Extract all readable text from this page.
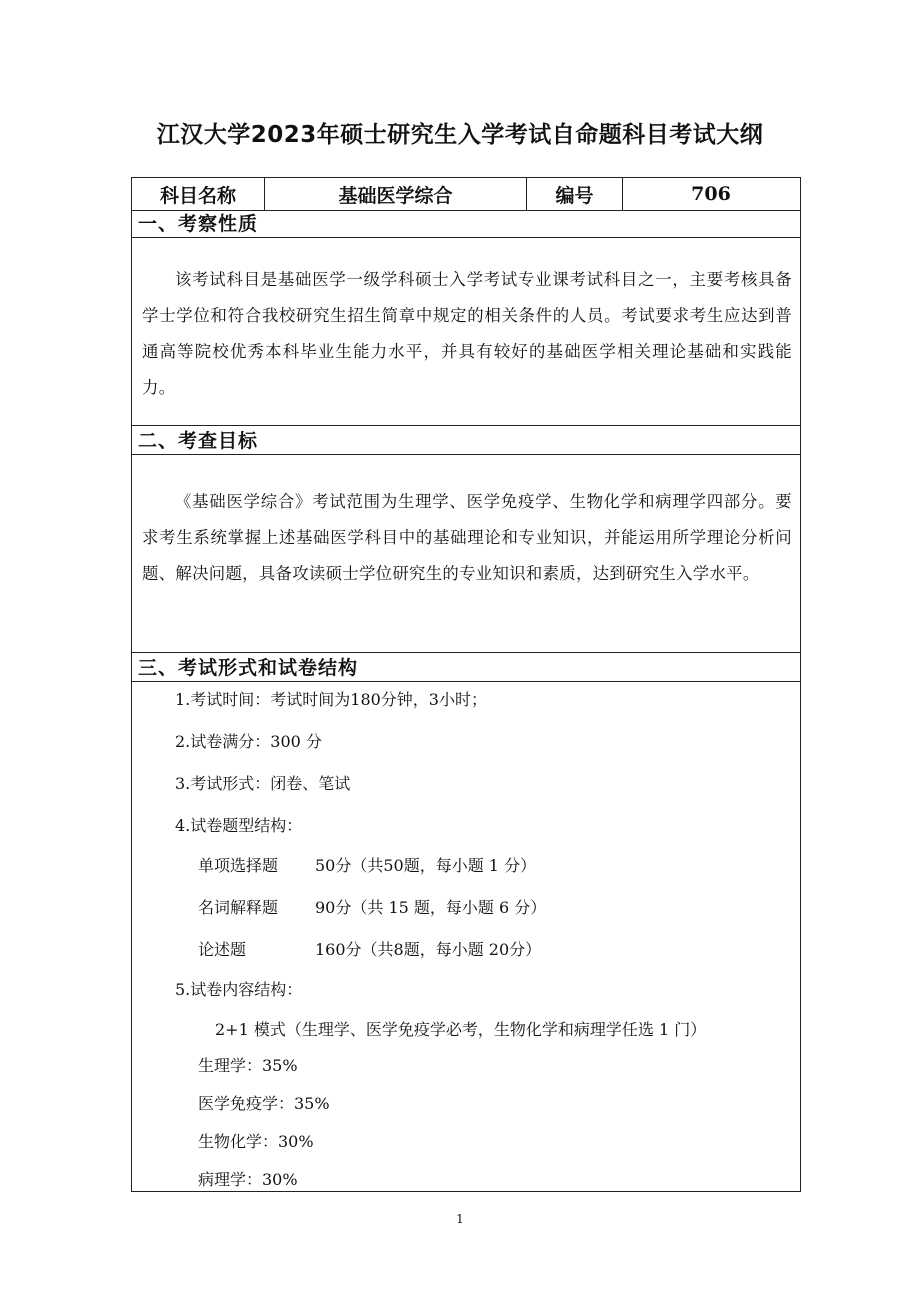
江汉大学2023年硕士研究生入学考试自命题科目考试大纲
科目名称	基础医学综合	编号	706
一、考察性质
该考试科目是基础医学一级学科硕士入学考试专业课考试科目之一，主要考核具备学士学位和符合我校研究生招生简章中规定的相关条件的人员。考试要求考生应达到普通高等院校优秀本科毕业生能力水平，并具有较好的基础医学相关理论基础和实践能力。
二、考查目标
《基础医学综合》考试范围为生理学、医学免疫学、生物化学和病理学四部分。要求考生系统掌握上述基础医学科目中的基础理论和专业知识，并能运用所学理论分析问题、解决问题，具备攻读硕士学位研究生的专业知识和素质，达到研究生入学水平。
三、考试形式和试卷结构
1.考试时间：考试时间为180分钟，3小时；
2.试卷满分：300 分
3.考试形式：闭卷、笔试
4.试卷题型结构：
单项选择题 50分（共50题，每小题 1 分）
名词解释题 90分（共 15 题，每小题 6 分）
论述题	160分（共8题，每小题 20分）
5.试卷内容结构：
2+1 模式（生理学、医学免疫学必考，生物化学和病理学任选 1 门）
生理学：35%
医学免疫学：35%
生物化学：30%
病理学：30%
1
